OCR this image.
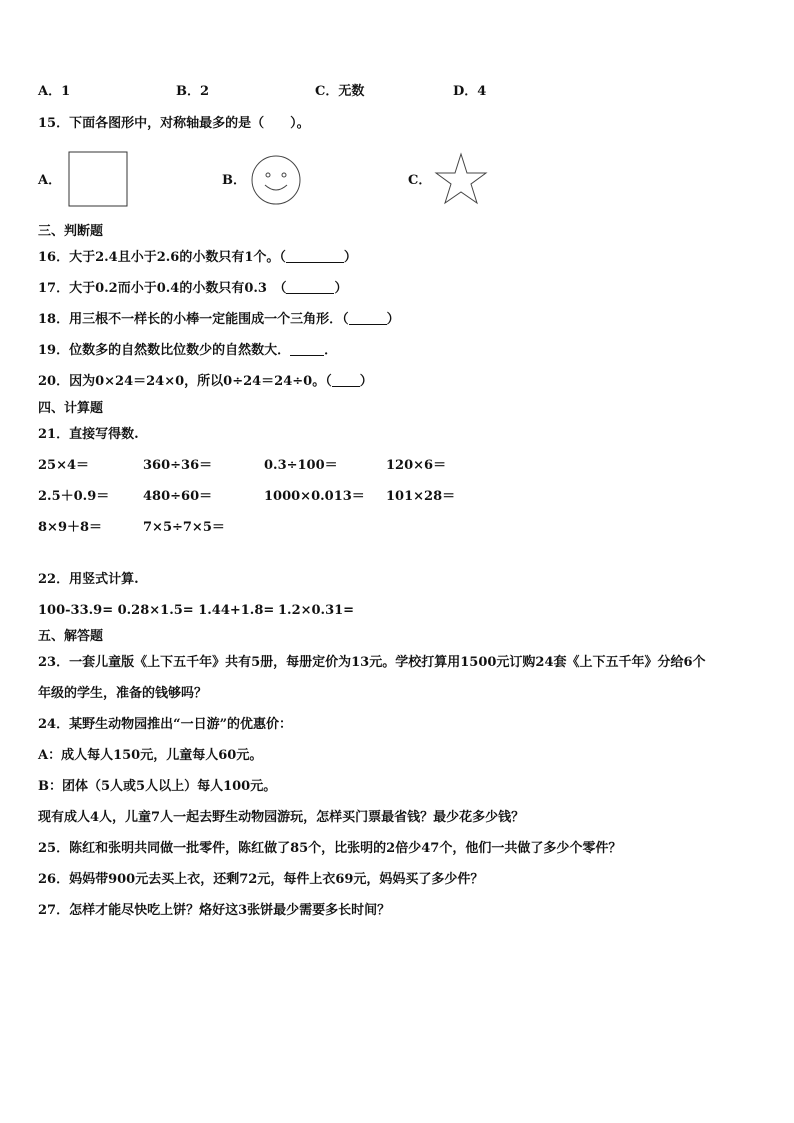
A．1	B．2	C．无数	D．4
15．下面各图形中，对称轴最多的是（　　）。
A．	B．	C．
三、判断题
16．大于2.4且小于2.6的小数只有1个。（	）
17．大于0.2而小于0.4的小数只有0.3　（	）
18．用三根不一样长的小棒一定能围成一个三角形．（	）
19．位数多的自然数比位数少的自然数大．	．
20．因为0×24＝24×0，所以0÷24＝24÷0。（ ）
四、计算题
21．直接写得数.
25×4＝	360÷36＝	0.3÷100＝	120×6＝
2.5＋0.9＝	480÷60＝	1000×0.013＝ 101×28＝
8×9＋8＝	7×5÷7×5＝
22．用竖式计算.
100-33.9= 0.28×1.5= 1.44+1.8= 1.2×0.31=
五、解答题
23．一套儿童版《上下五千年》共有5册，每册定价为13元。学校打算用1500元订购24套《上下五千年》分给6个
年级的学生，准备的钱够吗？
24．某野生动物园推出“一日游”的优惠价：
A：成人每人150元，儿童每人60元。
B：团体（5人或5人以上）每人100元。
现有成人4人，儿童7人一起去野生动物园游玩，怎样买门票最省钱？最少花多少钱？
25．陈红和张明共同做一批零件，陈红做了85个，比张明的2倍少47个，他们一共做了多少个零件？
26．妈妈带900元去买上衣，还剩72元，每件上衣69元，妈妈买了多少件？
27．怎样才能尽快吃上饼？烙好这3张饼最少需要多长时间？
